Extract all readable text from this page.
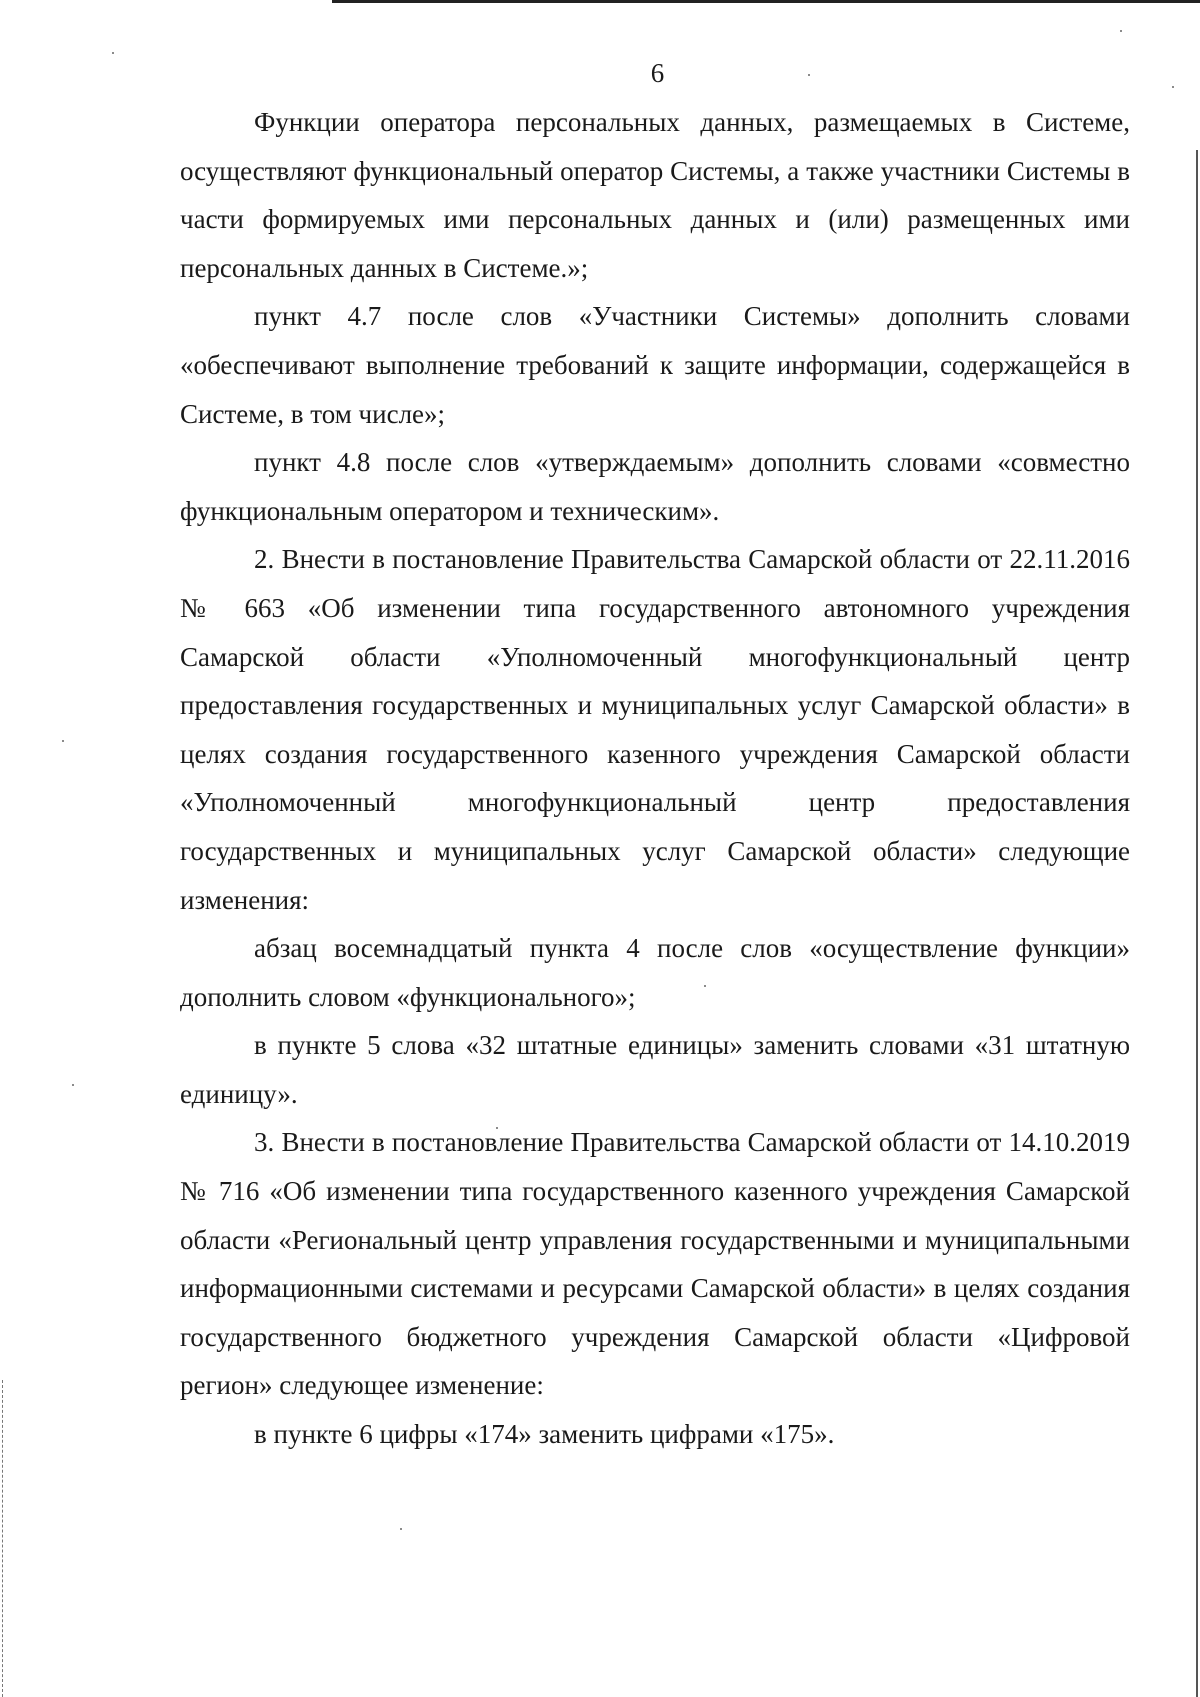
6

Функции оператора персональных данных, размещаемых в Системе, осуществляют функциональный оператор Системы, а также участники Системы в части формируемых ими персональных данных и (или) размещенных ими персональных данных в Системе.»;

пункт 4.7 после слов «Участники Системы» дополнить словами «обеспечивают выполнение требований к защите информации, содержащейся в Системе, в том числе»;

пункт 4.8 после слов «утверждаемым» дополнить словами «совместно функциональным оператором и техническим».

2. Внести в постановление Правительства Самарской области от 22.11.2016 № 663 «Об изменении типа государственного автономного учреждения Самарской области «Уполномоченный многофункциональный центр предоставления государственных и муниципальных услуг Самарской области» в целях создания государственного казенного учреждения Самарской области «Уполномоченный многофункциональный центр предоставления государственных и муниципальных услуг Самарской области» следующие изменения:

абзац восемнадцатый пункта 4 после слов «осуществление функции» дополнить словом «функционального»;

в пункте 5 слова «32 штатные единицы» заменить словами «31 штатную единицу».

3. Внести в постановление Правительства Самарской области от 14.10.2019 № 716 «Об изменении типа государственного казенного учреждения Самарской области «Региональный центр управления государственными и муниципальными информационными системами и ресурсами Самарской области» в целях создания государственного бюджетного учреждения Самарской области «Цифровой регион» следующее изменение:

в пункте 6 цифры «174» заменить цифрами «175».
